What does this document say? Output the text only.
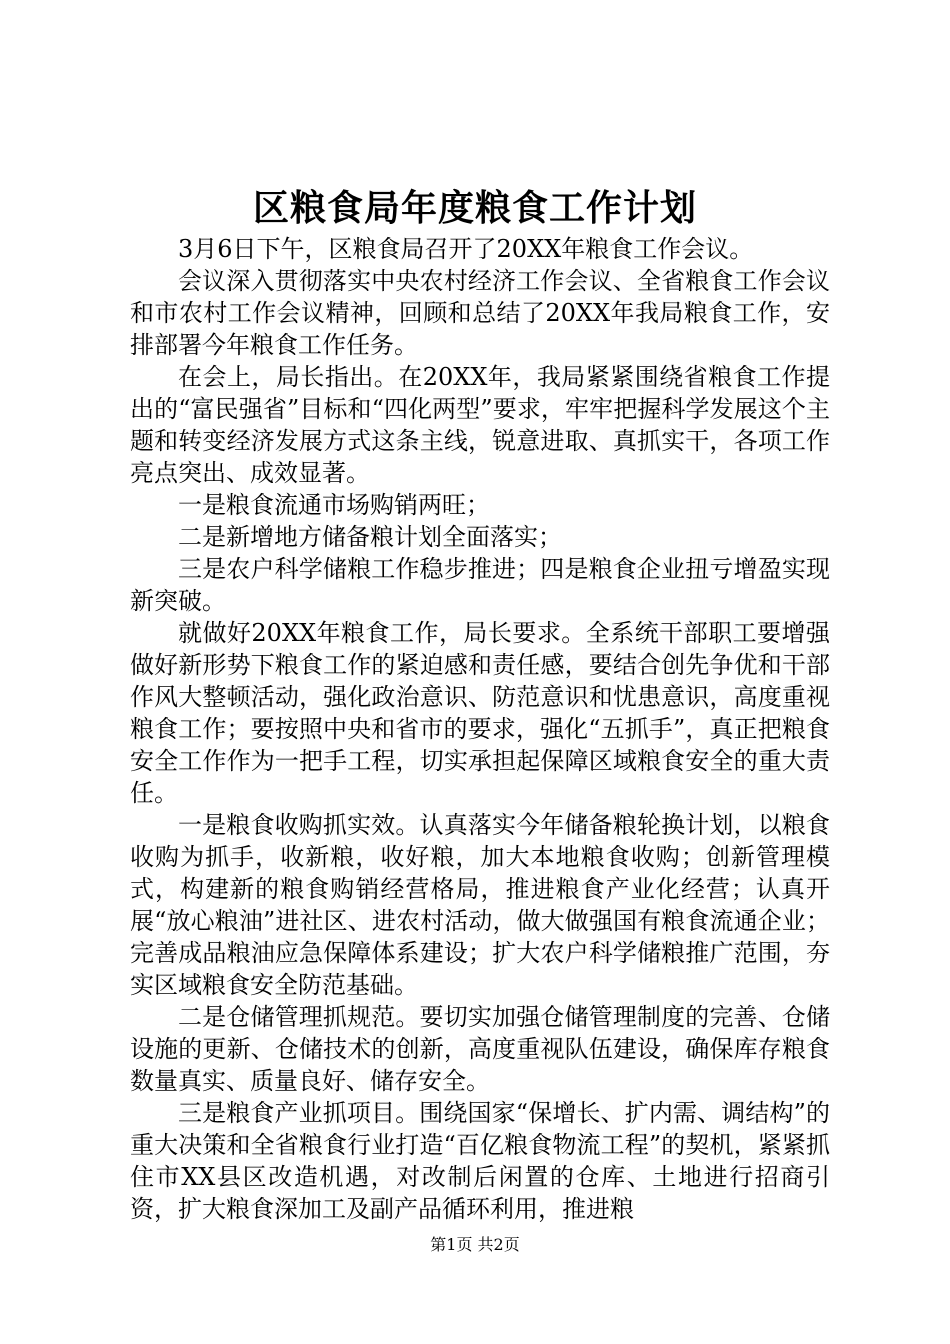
区粮食局年度粮食工作计划

3月6日下午，区粮食局召开了20XX年粮食工作会议。

会议深入贯彻落实中央农村经济工作会议、全省粮食工作会议和市农村工作会议精神，回顾和总结了20XX年我局粮食工作，安排部署今年粮食工作任务。

在会上，局长指出。在20XX年，我局紧紧围绕省粮食工作提出的“富民强省”目标和“四化两型”要求，牢牢把握科学发展这个主题和转变经济发展方式这条主线，锐意进取、真抓实干，各项工作亮点突出、成效显著。

一是粮食流通市场购销两旺；

二是新增地方储备粮计划全面落实；

三是农户科学储粮工作稳步推进；四是粮食企业扭亏增盈实现新突破。

就做好20XX年粮食工作，局长要求。全系统干部职工要增强做好新形势下粮食工作的紧迫感和责任感，要结合创先争优和干部作风大整顿活动，强化政治意识、防范意识和忧患意识，高度重视粮食工作；要按照中央和省市的要求，强化“五抓手”，真正把粮食安全工作作为一把手工程，切实承担起保障区域粮食安全的重大责任。

一是粮食收购抓实效。认真落实今年储备粮轮换计划，以粮食收购为抓手，收新粮，收好粮，加大本地粮食收购；创新管理模式，构建新的粮食购销经营格局，推进粮食产业化经营；认真开展“放心粮油”进社区、进农村活动，做大做强国有粮食流通企业；完善成品粮油应急保障体系建设；扩大农户科学储粮推广范围，夯实区域粮食安全防范基础。

二是仓储管理抓规范。要切实加强仓储管理制度的完善、仓储设施的更新、仓储技术的创新，高度重视队伍建设，确保库存粮食数量真实、质量良好、储存安全。

三是粮食产业抓项目。围绕国家“保增长、扩内需、调结构”的重大决策和全省粮食行业打造“百亿粮食物流工程”的契机，紧紧抓住市XX县区改造机遇，对改制后闲置的仓库、土地进行招商引资，扩大粮食深加工及副产品循环利用，推进粮

第1页 共2页
